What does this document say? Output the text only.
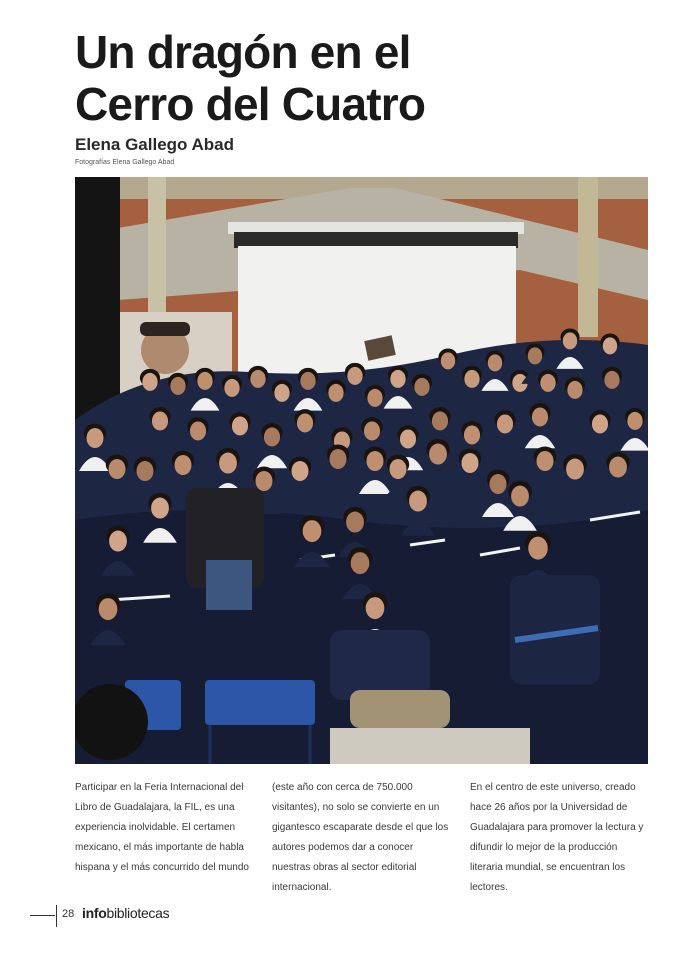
Un dragón en el
Cerro del Cuatro
Elena Gallego Abad
Fotografías Elena Gallego Abad

Participar en la Feria Internacional del Libro de Guadalajara, la FIL, es una experiencia inolvidable. El certamen mexicano, el más importante de habla hispana y el más concurrido del mundo

(este año con cerca de 750.000 visitantes), no solo se convierte en un gigantesco escaparate desde el que los autores podemos dar a conocer nuestras obras al sector editorial internacional.

En el centro de este universo, creado hace 26 años por la Universidad de Guadalajara para promover la lectura y difundir lo mejor de la producción literaria mundial, se encuentran los lectores.

28 infobibliotecas
